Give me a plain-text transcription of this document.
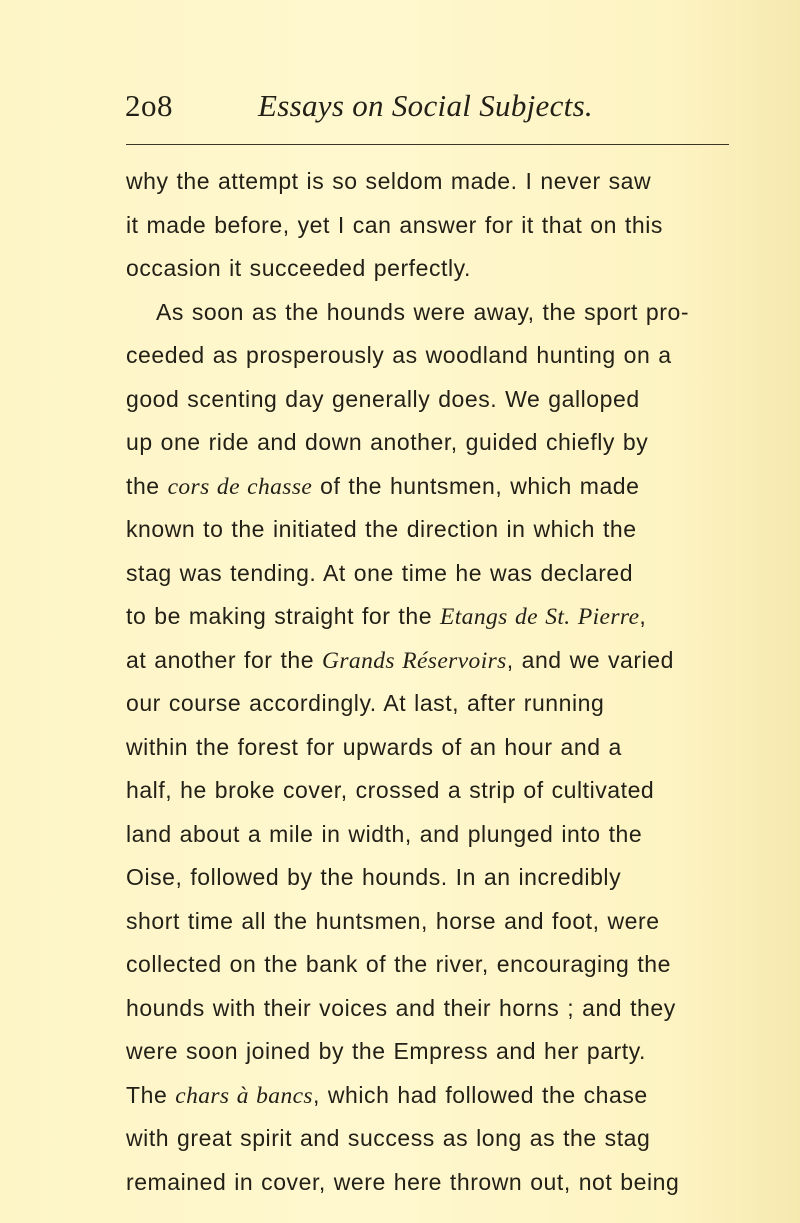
2o8	Essays on Social Subjects.
why the attempt is so seldom made. I never saw
it made before, yet I can answer for it that on this
occasion it succeeded perfectly.
As soon as the hounds were away, the sport pro-
ceeded as prosperously as woodland hunting on a
good scenting day generally does. We galloped
up one ride and down another, guided chiefly by
the cors de chasse of the huntsmen, which made
known to the initiated the direction in which the
stag was tending. At one time he was declared
to be making straight for the Etangs de St. Pierre,
at another for the Grands Réservoirs, and we varied
our course accordingly. At last, after running
within the forest for upwards of an hour and a
half, he broke cover, crossed a strip of cultivated
land about a mile in width, and plunged into the
Oise, followed by the hounds. In an incredibly
short time all the huntsmen, horse and foot, were
collected on the bank of the river, encouraging the
hounds with their voices and their horns ; and they
were soon joined by the Empress and her party.
The chars à bancs, which had followed the chase
with great spirit and success as long as the stag
remained in cover, were here thrown out, not being
